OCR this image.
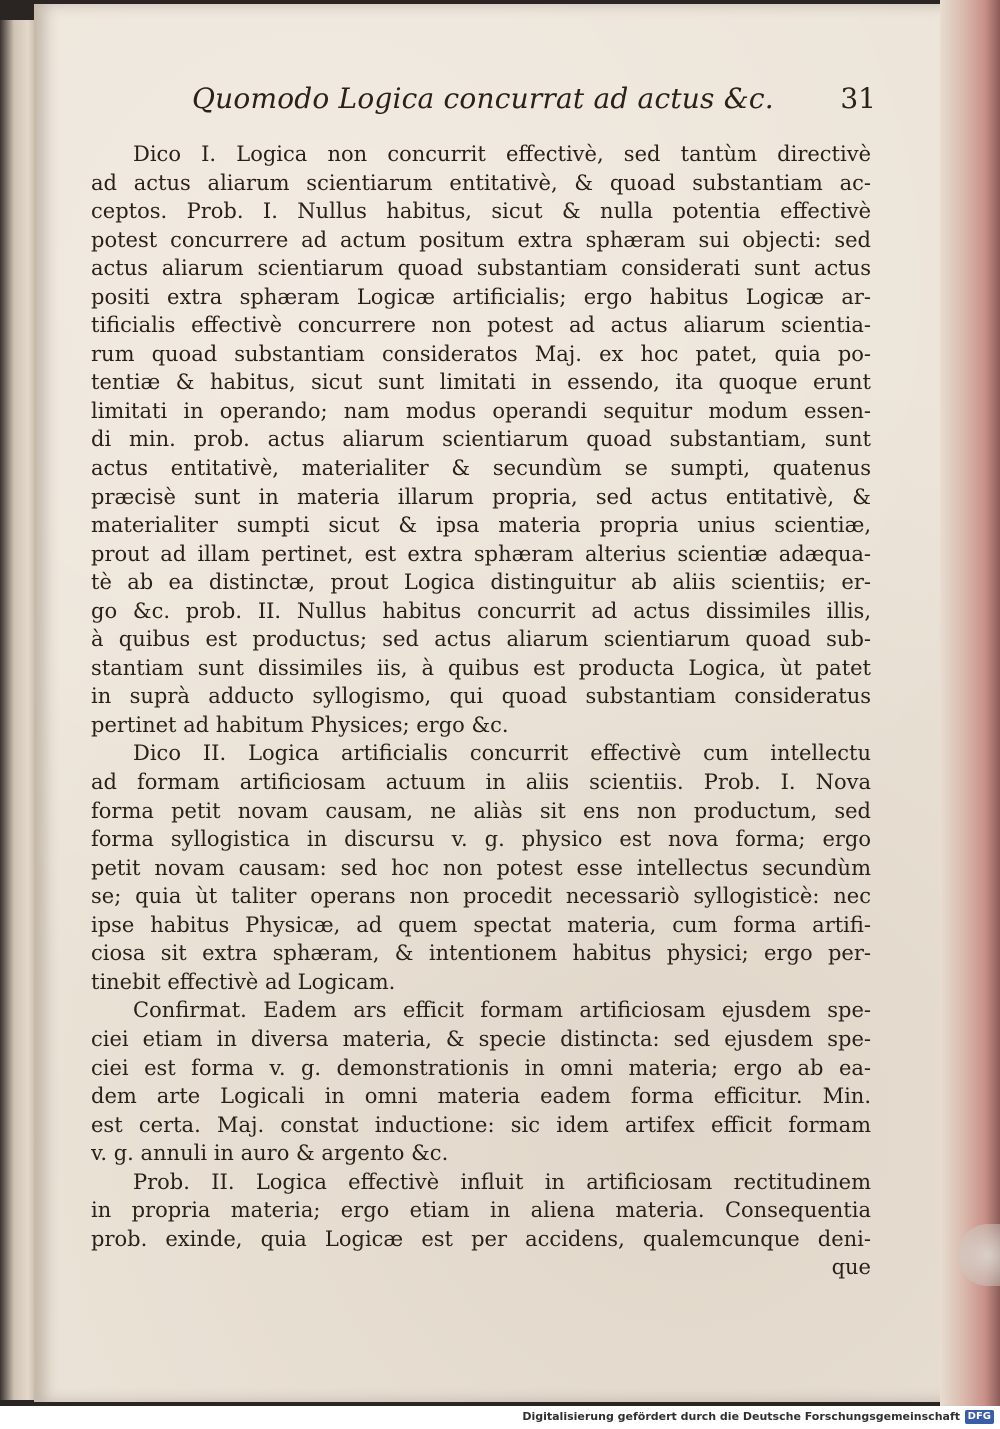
Quomodo Logica concurrat ad actus &c. 31
Dico I. Logica non concurrit effectivè, sed tantùm directivè
ad actus aliarum scientiarum entitativè, & quoad substantiam ac-
ceptos. Prob. I. Nullus habitus, sicut & nulla potentia effectivè
potest concurrere ad actum positum extra sphæram sui objecti: sed
actus aliarum scientiarum quoad substantiam considerati sunt actus
positi extra sphæram Logicæ artificialis; ergo habitus Logicæ ar-
tificialis effectivè concurrere non potest ad actus aliarum scientia-
rum quoad substantiam consideratos Maj. ex hoc patet, quia po-
tentiæ & habitus, sicut sunt limitati in essendo, ita quoque erunt
limitati in operando; nam modus operandi sequitur modum essen-
di min. prob. actus aliarum scientiarum quoad substantiam, sunt
actus entitativè, materialiter & secundùm se sumpti, quatenus
præcisè sunt in materia illarum propria, sed actus entitativè, &
materialiter sumpti sicut & ipsa materia propria unius scientiæ,
prout ad illam pertinet, est extra sphæram alterius scientiæ adæqua-
tè ab ea distinctæ, prout Logica distinguitur ab aliis scientiis; er-
go &c. prob. II. Nullus habitus concurrit ad actus dissimiles illis,
à quibus est productus; sed actus aliarum scientiarum quoad sub-
stantiam sunt dissimiles iis, à quibus est producta Logica, ùt patet
in suprà adducto syllogismo, qui quoad substantiam consideratus
pertinet ad habitum Physices; ergo &c.
Dico II. Logica artificialis concurrit effectivè cum intellectu
ad formam artificiosam actuum in aliis scientiis. Prob. I. Nova
forma petit novam causam, ne aliàs sit ens non productum, sed
forma syllogistica in discursu v. g. physico est nova forma; ergo
petit novam causam: sed hoc non potest esse intellectus secundùm
se; quia ùt taliter operans non procedit necessariò syllogisticè: nec
ipse habitus Physicæ, ad quem spectat materia, cum forma artifi-
ciosa sit extra sphæram, & intentionem habitus physici; ergo per-
tinebit effectivè ad Logicam.
Confirmat. Eadem ars efficit formam artificiosam ejusdem spe-
ciei etiam in diversa materia, & specie distincta: sed ejusdem spe-
ciei est forma v. g. demonstrationis in omni materia; ergo ab ea-
dem arte Logicali in omni materia eadem forma efficitur. Min.
est certa. Maj. constat inductione: sic idem artifex efficit formam
v. g. annuli in auro & argento &c.
Prob. II. Logica effectivè influit in artificiosam rectitudinem
in propria materia; ergo etiam in aliena materia. Consequentia
prob. exinde, quia Logicæ est per accidens, qualemcunque deni-
que
Digitalisierung gefördert durch die Deutsche Forschungsgemeinschaft DFG
